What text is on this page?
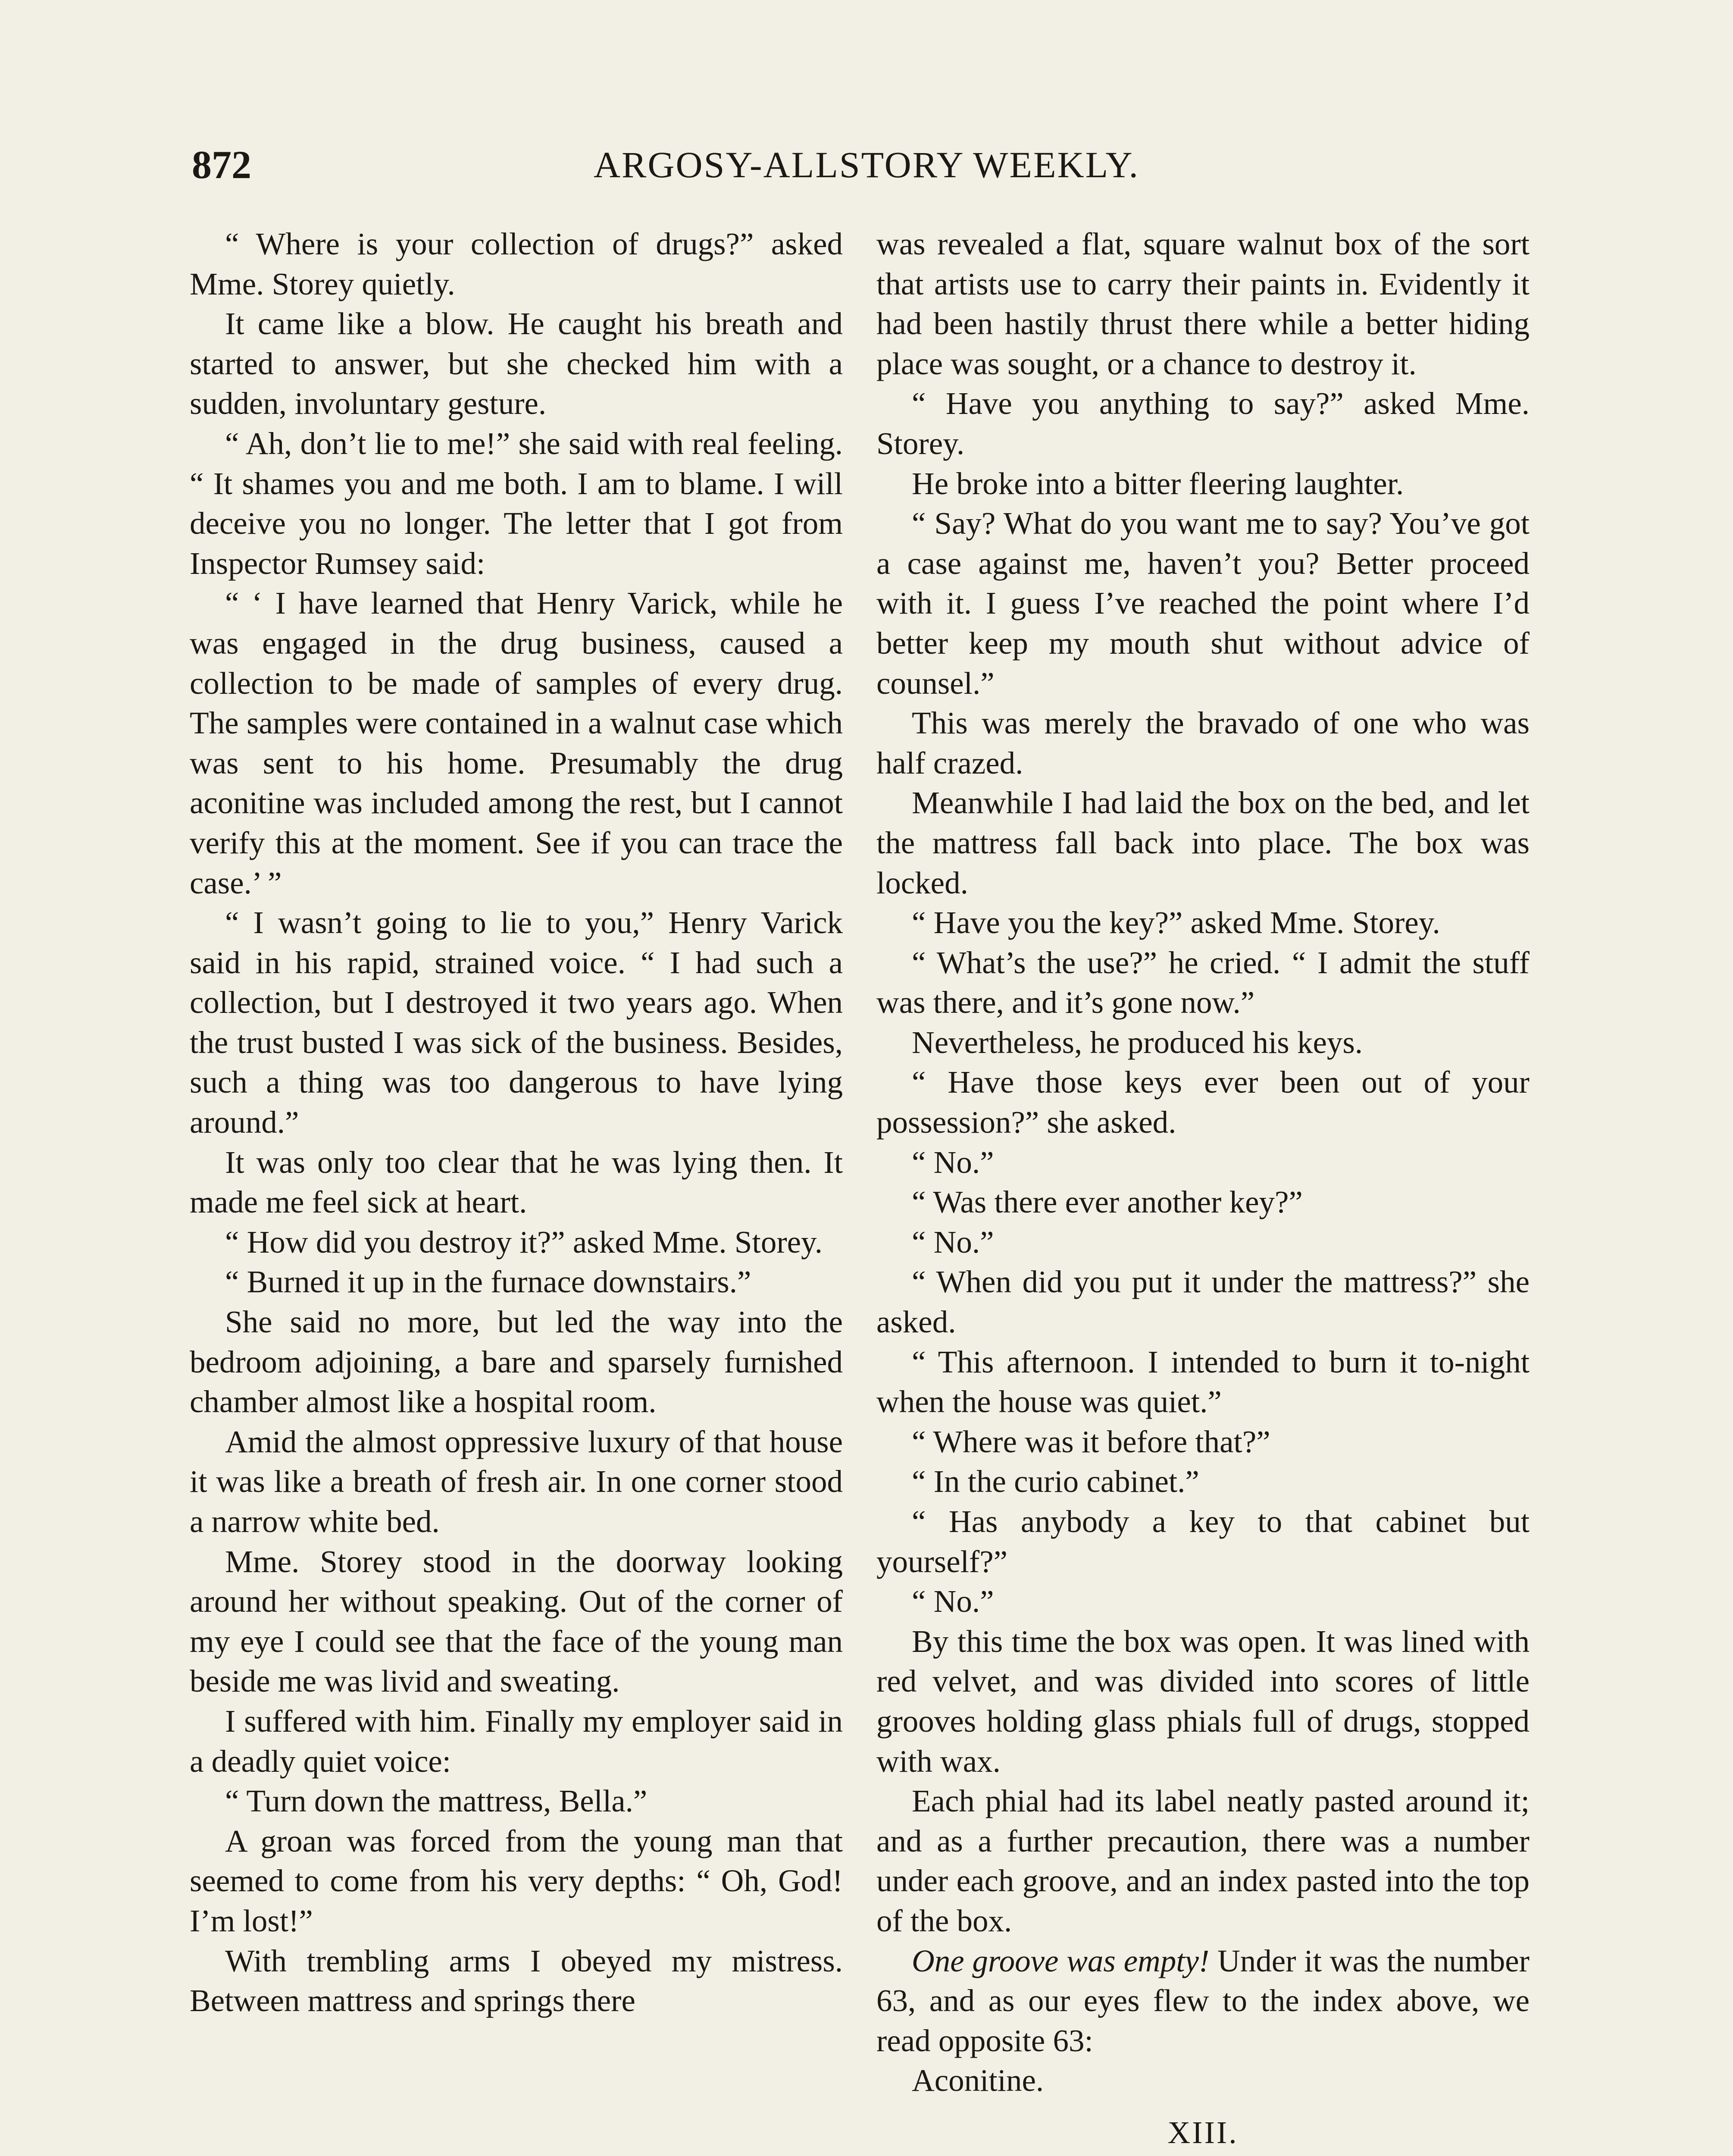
872	ARGOSY-ALLSTORY WEEKLY.

“ Where is your collection of drugs?” asked Mme. Storey quietly.

It came like a blow. He caught his breath and started to answer, but she checked him with a sudden, involuntary gesture.

“ Ah, don’t lie to me!” she said with real feeling. “ It shames you and me both. I am to blame. I will deceive you no longer. The letter that I got from Inspector Rumsey said:

“ ‘ I have learned that Henry Varick, while he was engaged in the drug business, caused a collection to be made of samples of every drug. The samples were contained in a walnut case which was sent to his home. Presumably the drug aconitine was included among the rest, but I cannot verify this at the moment. See if you can trace the case.’ ”

“ I wasn’t going to lie to you,” Henry Varick said in his rapid, strained voice. “ I had such a collection, but I destroyed it two years ago. When the trust busted I was sick of the business. Besides, such a thing was too dangerous to have lying around.”

It was only too clear that he was lying then. It made me feel sick at heart.

“ How did you destroy it?” asked Mme. Storey.

“ Burned it up in the furnace downstairs.”

She said no more, but led the way into the bedroom adjoining, a bare and sparsely furnished chamber almost like a hospital room.

Amid the almost oppressive luxury of that house it was like a breath of fresh air. In one corner stood a narrow white bed.

Mme. Storey stood in the doorway looking around her without speaking. Out of the corner of my eye I could see that the face of the young man beside me was livid and sweating.

I suffered with him. Finally my employer said in a deadly quiet voice:

“ Turn down the mattress, Bella.”

A groan was forced from the young man that seemed to come from his very depths: “ Oh, God! I’m lost!”

With trembling arms I obeyed my mistress. Between mattress and springs there

was revealed a flat, square walnut box of the sort that artists use to carry their paints in. Evidently it had been hastily thrust there while a better hiding place was sought, or a chance to destroy it.

“ Have you anything to say?” asked Mme. Storey.

He broke into a bitter fleering laughter.

“ Say? What do you want me to say? You’ve got a case against me, haven’t you? Better proceed with it. I guess I’ve reached the point where I’d better keep my mouth shut without advice of counsel.”

This was merely the bravado of one who was half crazed.

Meanwhile I had laid the box on the bed, and let the mattress fall back into place. The box was locked.

“ Have you the key?” asked Mme. Storey.

“ What’s the use?” he cried. “ I admit the stuff was there, and it’s gone now.”

Nevertheless, he produced his keys.

“ Have those keys ever been out of your possession?” she asked.

“ No.”

“ Was there ever another key?”

“ No.”

“ When did you put it under the mattress?” she asked.

“ This afternoon. I intended to burn it to-night when the house was quiet.”

“ Where was it before that?”

“ In the curio cabinet.”

“ Has anybody a key to that cabinet but yourself?”

“ No.”

By this time the box was open. It was lined with red velvet, and was divided into scores of little grooves holding glass phials full of drugs, stopped with wax.

Each phial had its label neatly pasted around it; and as a further precaution, there was a number under each groove, and an index pasted into the top of the box.

One groove was empty! Under it was the number 63, and as our eyes flew to the index above, we read opposite 63:

Aconitine.

XIII.
